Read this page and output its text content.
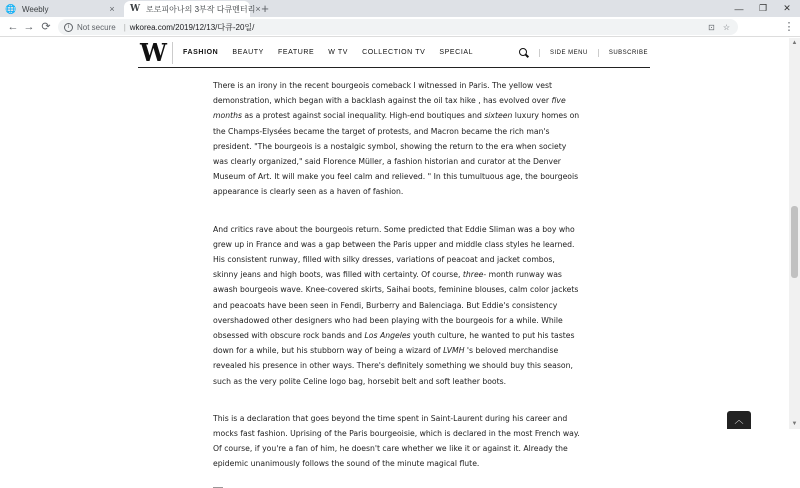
🌐 Weebly	× W 로로피아나의 3부작 다큐멘터리 × +	—	❐	✕
← → ⟳	i Not secure | wkorea.com/2019/12/13/다큐-20일/	⊡ ☆	G	M ⋮
W FASHION BEAUTY FEATURE W TV COLLECTION TV SPECIAL	SIDE MENU	SUBSCRIBE

There is an irony in the recent bourgeois comeback I witnessed in Paris. The yellow vest demonstration, which began with a backlash against the oil tax hike , has evolved over five months as a protest against social inequality. High-end boutiques and sixteen luxury homes on the Champs-Elysées became the target of protests, and Macron became the rich man's president. "The bourgeois is a nostalgic symbol, showing the return to the era when society was clearly organized," said Florence Müller, a fashion historian and curator at the Denver Museum of Art. It will make you feel calm and relieved. " In this tumultuous age, the bourgeois appearance is clearly seen as a haven of fashion.

And critics rave about the bourgeois return. Some predicted that Eddie Sliman was a boy who grew up in France and was a gap between the Paris upper and middle class styles he learned. His consistent runway, filled with silky dresses, variations of peacoat and jacket combos, skinny jeans and high boots, was filled with certainty. Of course, three- month runway was awash bourgeois wave. Knee-covered skirts, Saihai boots, feminine blouses, calm color jackets and peacoats have been seen in Fendi, Burberry and Balenciaga. But Eddie's consistency overshadowed other designers who had been playing with the bourgeois for a while. While obsessed with obscure rock bands and Los Angeles youth culture, he wanted to put his tastes down for a while, but his stubborn way of being a wizard of LVMH 's beloved merchandise revealed his presence in other ways. There's definitely something we should buy this season, such as the very polite Celine logo bag, horsebit belt and soft leather boots.

This is a declaration that goes beyond the time spent in Saint-Laurent during his career and mocks fast fashion. Uprising of the Paris bourgeoisie, which is declared in the most French way. Of course, if you're a fan of him, he doesn't care whether we like it or against it. Already the epidemic unanimously follows the sound of the minute magical flute.

▲
▼
︿
